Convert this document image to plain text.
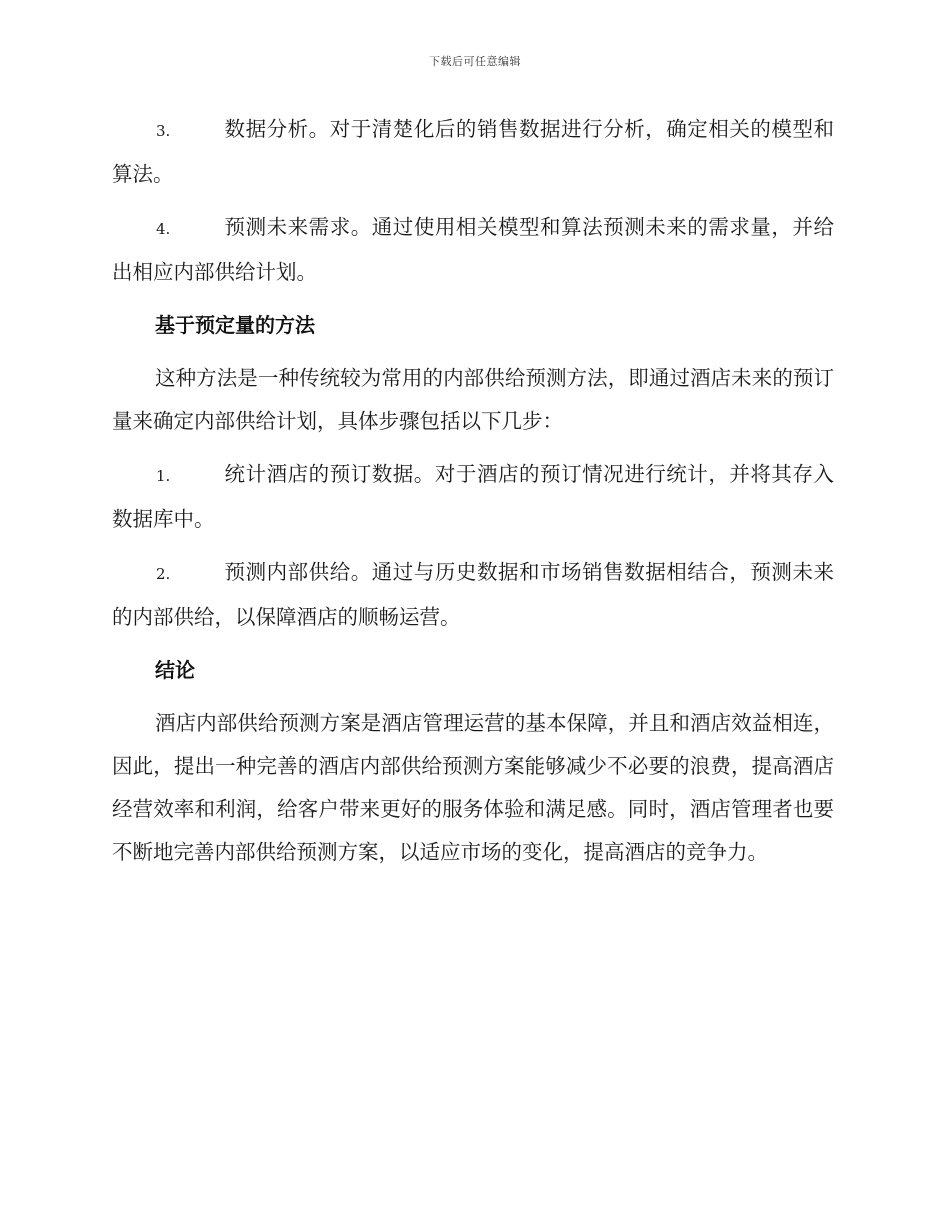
下载后可任意编辑

3.	数据分析。对于清楚化后的销售数据进行分析，确定相关的模型和算法。

4.	预测未来需求。通过使用相关模型和算法预测未来的需求量，并给出相应内部供给计划。

基于预定量的方法

这种方法是一种传统较为常用的内部供给预测方法，即通过酒店未来的预订量来确定内部供给计划，具体步骤包括以下几步：

1.	统计酒店的预订数据。对于酒店的预订情况进行统计，并将其存入数据库中。

2.	预测内部供给。通过与历史数据和市场销售数据相结合，预测未来的内部供给，以保障酒店的顺畅运营。

结论

酒店内部供给预测方案是酒店管理运营的基本保障，并且和酒店效益相连，因此，提出一种完善的酒店内部供给预测方案能够减少不必要的浪费，提高酒店经营效率和利润，给客户带来更好的服务体验和满足感。同时，酒店管理者也要不断地完善内部供给预测方案，以适应市场的变化，提高酒店的竞争力。
